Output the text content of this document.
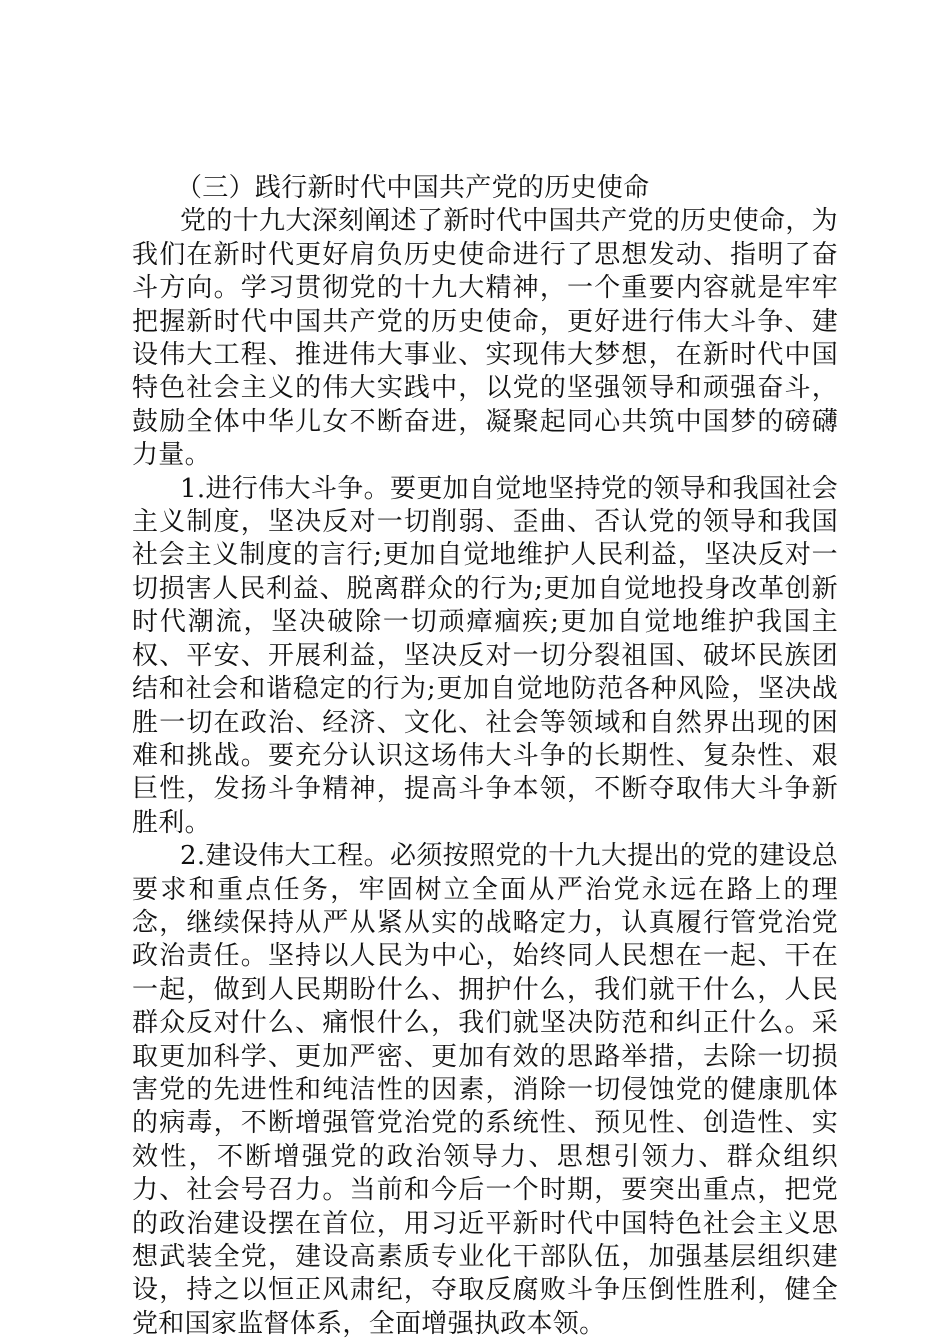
（三）践行新时代中国共产党的历史使命

党的十九大深刻阐述了新时代中国共产党的历史使命，为我们在新时代更好肩负历史使命进行了思想发动、指明了奋斗方向。学习贯彻党的十九大精神，一个重要内容就是牢牢把握新时代中国共产党的历史使命，更好进行伟大斗争、建设伟大工程、推进伟大事业、实现伟大梦想，在新时代中国特色社会主义的伟大实践中，以党的坚强领导和顽强奋斗，鼓励全体中华儿女不断奋进，凝聚起同心共筑中国梦的磅礴力量。

1.进行伟大斗争。要更加自觉地坚持党的领导和我国社会主义制度，坚决反对一切削弱、歪曲、否认党的领导和我国社会主义制度的言行;更加自觉地维护人民利益，坚决反对一切损害人民利益、脱离群众的行为;更加自觉地投身改革创新时代潮流，坚决破除一切顽瘴痼疾;更加自觉地维护我国主权、平安、开展利益，坚决反对一切分裂祖国、破坏民族团结和社会和谐稳定的行为;更加自觉地防范各种风险，坚决战胜一切在政治、经济、文化、社会等领域和自然界出现的困难和挑战。要充分认识这场伟大斗争的长期性、复杂性、艰巨性，发扬斗争精神，提高斗争本领，不断夺取伟大斗争新胜利。

2.建设伟大工程。必须按照党的十九大提出的党的建设总要求和重点任务，牢固树立全面从严治党永远在路上的理念，继续保持从严从紧从实的战略定力，认真履行管党治党政治责任。坚持以人民为中心，始终同人民想在一起、干在一起，做到人民期盼什么、拥护什么，我们就干什么，人民群众反对什么、痛恨什么，我们就坚决防范和纠正什么。采取更加科学、更加严密、更加有效的思路举措，去除一切损害党的先进性和纯洁性的因素，消除一切侵蚀党的健康肌体的病毒，不断增强管党治党的系统性、预见性、创造性、实效性，不断增强党的政治领导力、思想引领力、群众组织力、社会号召力。当前和今后一个时期，要突出重点，把党的政治建设摆在首位，用习近平新时代中国特色社会主义思想武装全党，建设高素质专业化干部队伍，加强基层组织建设，持之以恒正风肃纪，夺取反腐败斗争压倒性胜利，健全党和国家监督体系，全面增强执政本领。
